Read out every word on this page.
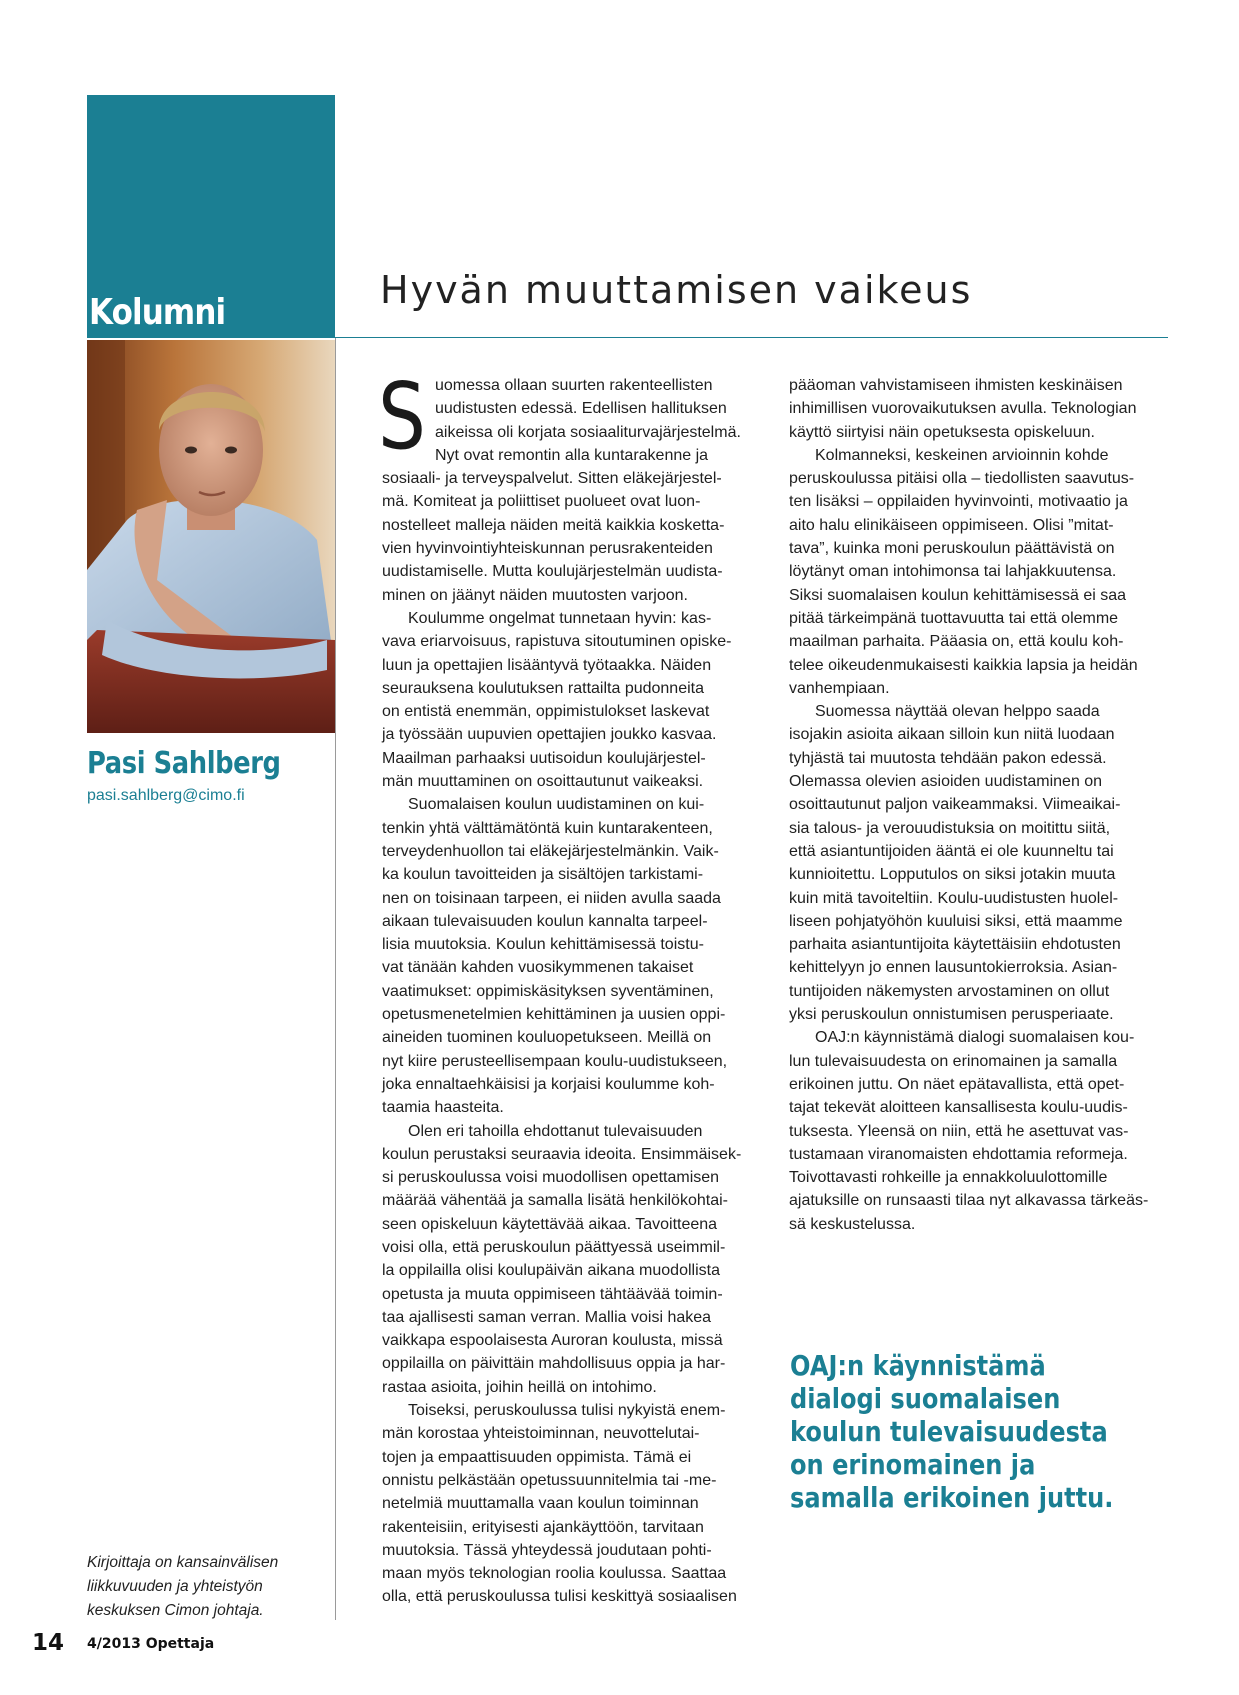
Kolumni
Hyvän muuttamisen vaikeus
Pasi Sahlberg
pasi.sahlberg@cimo.fi
Kirjoittaja on kansainvälisen
liikkuvuuden ja yhteistyön
keskuksen Cimon johtaja.
S uomessa ollaan suurten rakenteellisten
uudistusten edessä. Edellisen hallituksen
aikeissa oli korjata sosiaaliturvajärjestelmä.
Nyt ovat remontin alla kuntarakenne ja
sosiaali- ja terveyspalvelut. Sitten eläkejärjestel-
mä. Komiteat ja poliittiset puolueet ovat luon-
nostelleet malleja näiden meitä kaikkia kosketta-
vien hyvinvointiyhteiskunnan perusrakenteiden
uudistamiselle. Mutta koulujärjestelmän uudista-
minen on jäänyt näiden muutosten varjoon.
Koulumme ongelmat tunnetaan hyvin: kas-
vava eriarvoisuus, rapistuva sitoutuminen opiske-
luun ja opettajien lisääntyvä työtaakka. Näiden
seurauksena koulutuksen rattailta pudonneita
on entistä enemmän, oppimistulokset laskevat
ja työssään uupuvien opettajien joukko kasvaa.
Maailman parhaaksi uutisoidun koulujärjestel-
män muuttaminen on osoittautunut vaikeaksi.
Suomalaisen koulun uudistaminen on kui-
tenkin yhtä välttämätöntä kuin kuntarakenteen,
terveydenhuollon tai eläkejärjestelmänkin. Vaik-
ka koulun tavoitteiden ja sisältöjen tarkistami-
nen on toisinaan tarpeen, ei niiden avulla saada
aikaan tulevaisuuden koulun kannalta tarpeel-
lisia muutoksia. Koulun kehittämisessä toistu-
vat tänään kahden vuosikymmenen takaiset
vaatimukset: oppimiskäsityksen syventäminen,
opetusmenetelmien kehittäminen ja uusien oppi-
aineiden tuominen kouluopetukseen. Meillä on
nyt kiire perusteellisempaan koulu-uudistukseen,
joka ennaltaehkäisisi ja korjaisi koulumme koh-
taamia haasteita.
Olen eri tahoilla ehdottanut tulevaisuuden
koulun perustaksi seuraavia ideoita. Ensimmäisek-
si peruskoulussa voisi muodollisen opettamisen
määrää vähentää ja samalla lisätä henkilökohtai-
seen opiskeluun käytettävää aikaa. Tavoitteena
voisi olla, että peruskoulun päättyessä useimmil-
la oppilailla olisi koulupäivän aikana muodollista
opetusta ja muuta oppimiseen tähtäävää toimin-
taa ajallisesti saman verran. Mallia voisi hakea
vaikkapa espoolaisesta Auroran koulusta, missä
oppilailla on päivittäin mahdollisuus oppia ja har-
rastaa asioita, joihin heillä on intohimo.
Toiseksi, peruskoulussa tulisi nykyistä enem-
män korostaa yhteistoiminnan, neuvottelutai-
tojen ja empaattisuuden oppimista. Tämä ei
onnistu pelkästään opetussuunnitelmia tai -me-
netelmiä muuttamalla vaan koulun toiminnan
rakenteisiin, erityisesti ajankäyttöön, tarvitaan
muutoksia. Tässä yhteydessä joudutaan pohti-
maan myös teknologian roolia koulussa. Saattaa
olla, että peruskoulussa tulisi keskittyä sosiaalisen
pääoman vahvistamiseen ihmisten keskinäisen
inhimillisen vuorovaikutuksen avulla. Teknologian
käyttö siirtyisi näin opetuksesta opiskeluun.
Kolmanneksi, keskeinen arvioinnin kohde
peruskoulussa pitäisi olla – tiedollisten saavutus-
ten lisäksi – oppilaiden hyvinvointi, motivaatio ja
aito halu elinikäiseen oppimiseen. Olisi ”mitat-
tava”, kuinka moni peruskoulun päättävistä on
löytänyt oman intohimonsa tai lahjakkuutensa.
Siksi suomalaisen koulun kehittämisessä ei saa
pitää tärkeimpänä tuottavuutta tai että olemme
maailman parhaita. Pääasia on, että koulu koh-
telee oikeudenmukaisesti kaikkia lapsia ja heidän
vanhempiaan.
Suomessa näyttää olevan helppo saada
isojakin asioita aikaan silloin kun niitä luodaan
tyhjästä tai muutosta tehdään pakon edessä.
Olemassa olevien asioiden uudistaminen on
osoittautunut paljon vaikeammaksi. Viimeaikai-
sia talous- ja verouudistuksia on moitittu siitä,
että asiantuntijoiden ääntä ei ole kuunneltu tai
kunnioitettu. Lopputulos on siksi jotakin muuta
kuin mitä tavoiteltiin. Koulu-uudistusten huolel-
liseen pohjatyöhön kuuluisi siksi, että maamme
parhaita asiantuntijoita käytettäisiin ehdotusten
kehittelyyn jo ennen lausuntokierroksia. Asian-
tuntijoiden näkemysten arvostaminen on ollut
yksi peruskoulun onnistumisen perusperiaate.
OAJ:n käynnistämä dialogi suomalaisen kou-
lun tulevaisuudesta on erinomainen ja samalla
erikoinen juttu. On näet epätavallista, että opet-
tajat tekevät aloitteen kansallisesta koulu-uudis-
tuksesta. Yleensä on niin, että he asettuvat vas-
tustamaan viranomaisten ehdottamia reformeja.
Toivottavasti rohkeille ja ennakkoluulottomille
ajatuksille on runsaasti tilaa nyt alkavassa tärkeäs-
sä keskustelussa.
OAJ:n käynnistämä
dialogi suomalaisen
koulun tulevaisuudesta
on erinomainen ja
samalla erikoinen juttu.
14 4/2013 Opettaja
